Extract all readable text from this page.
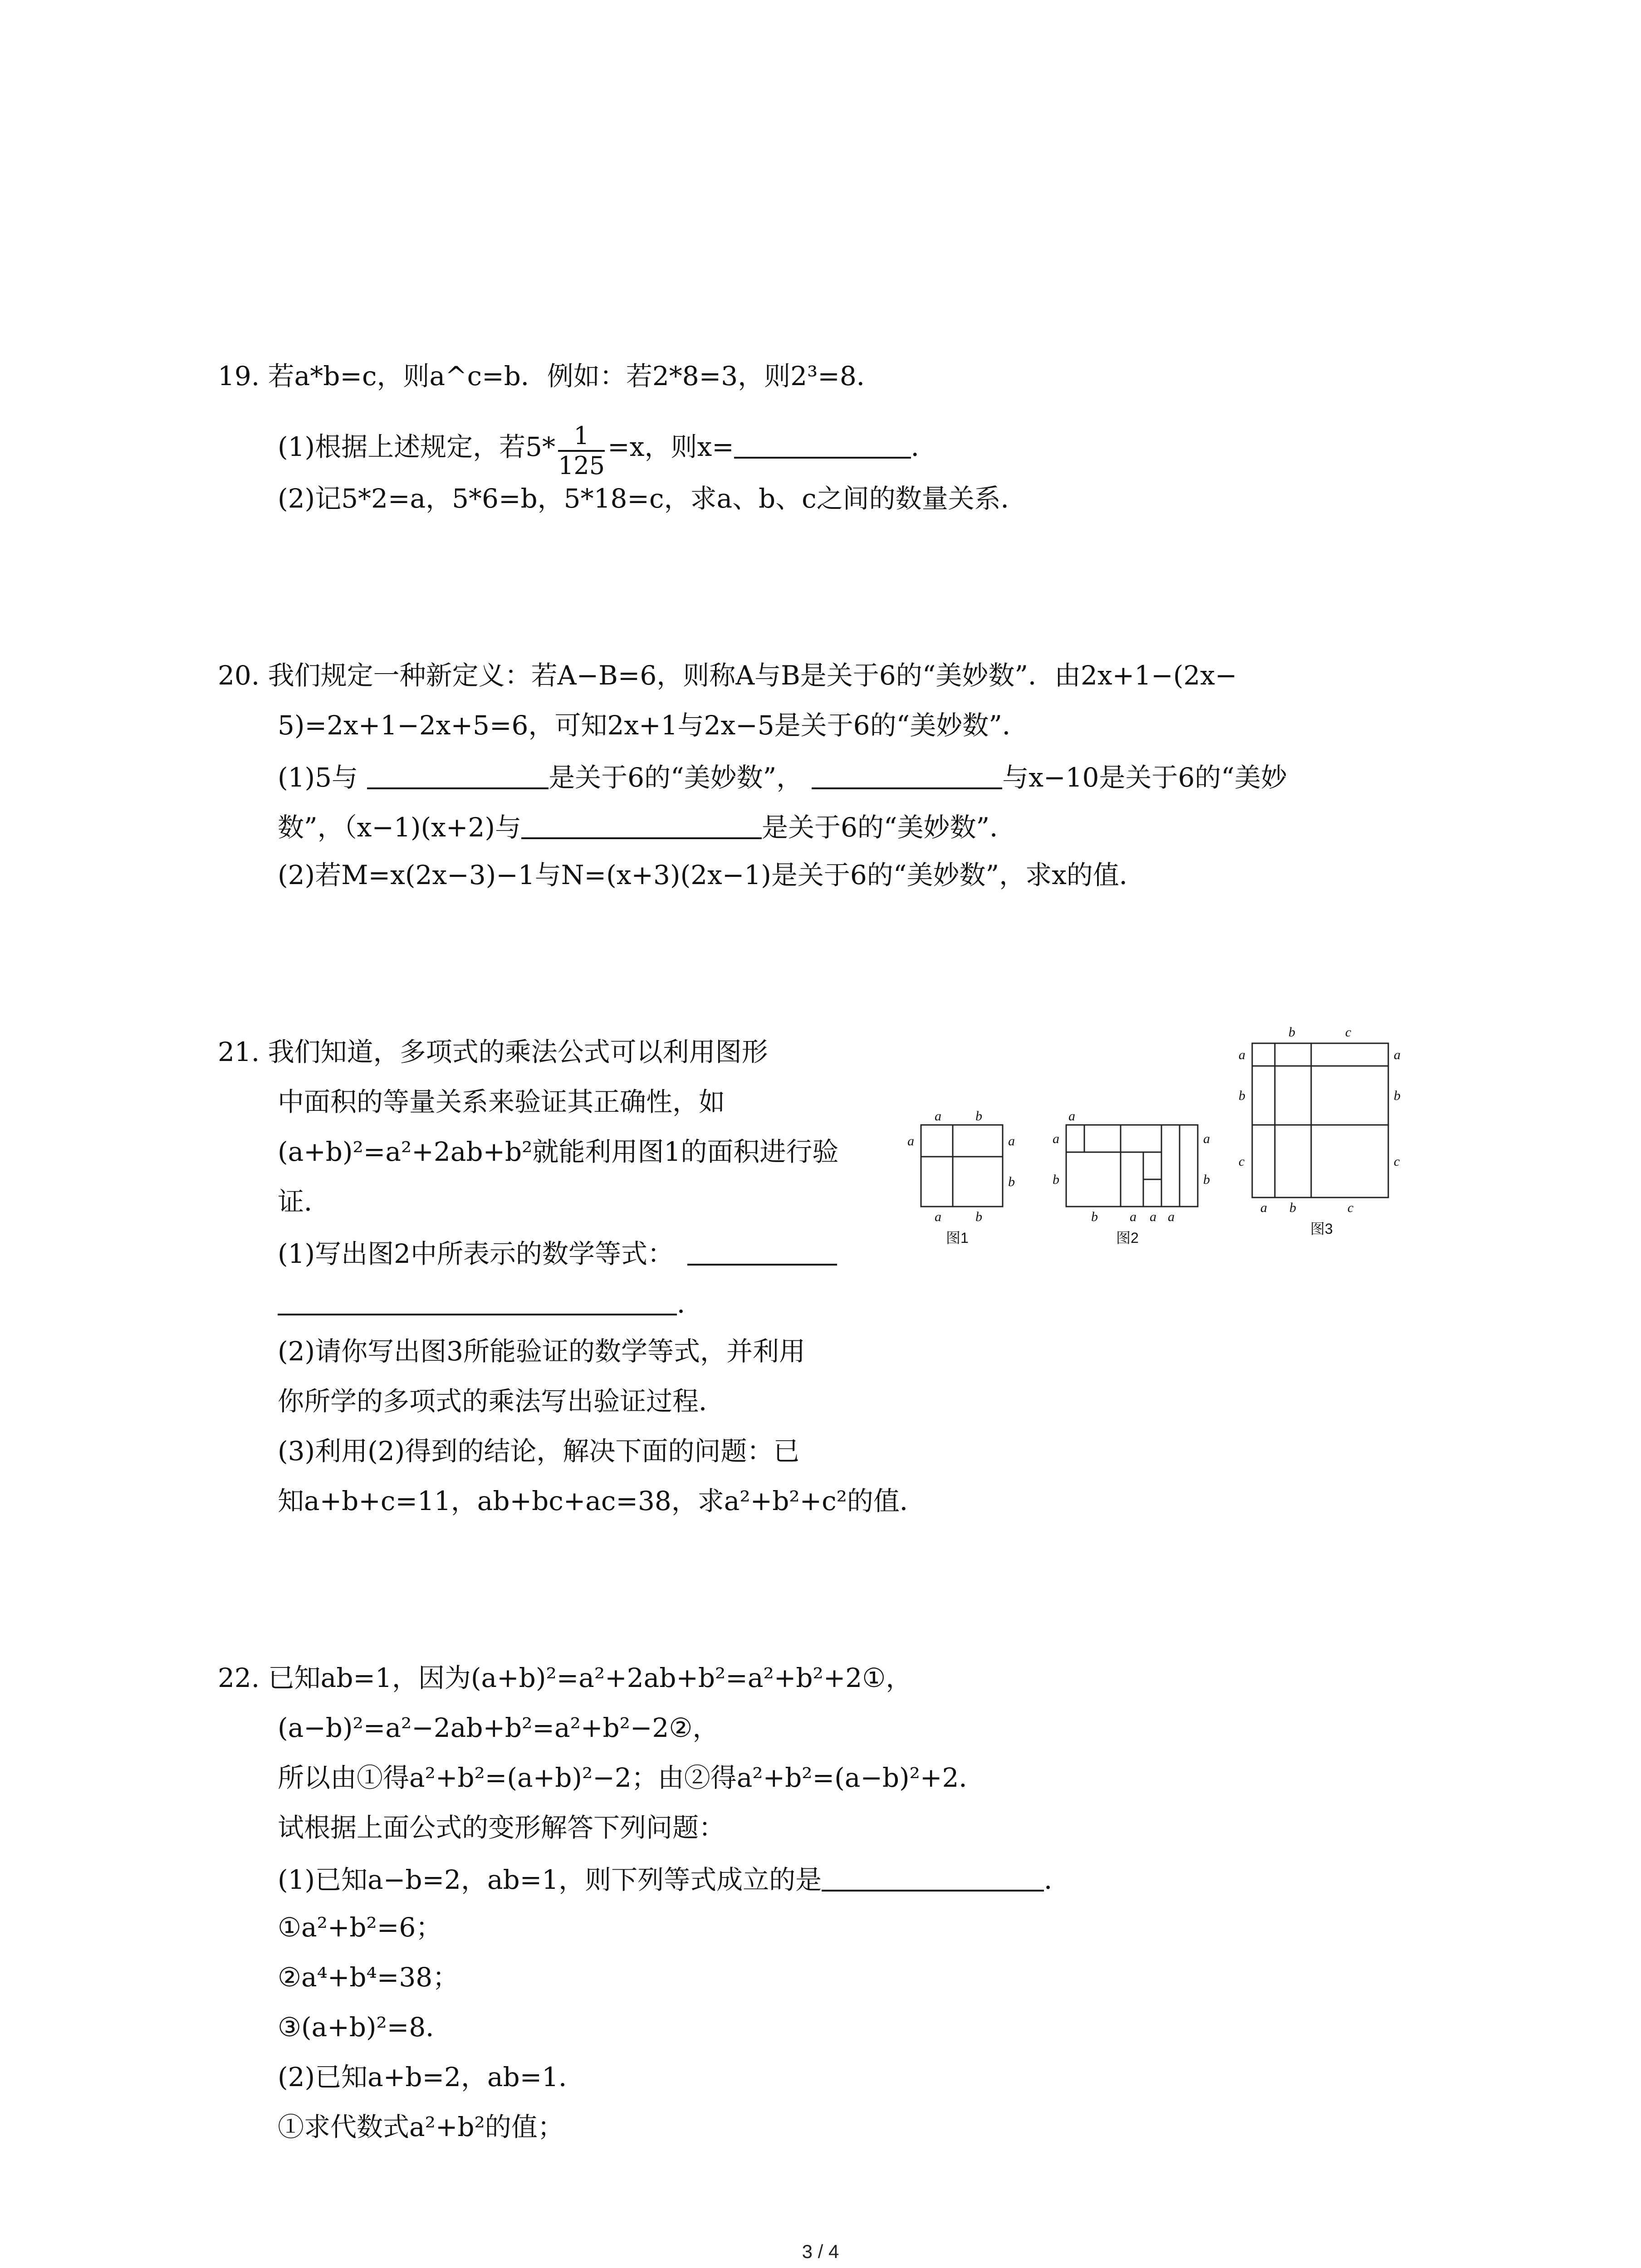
19. 若a*b=c，则a^c=b．例如：若2*8=3，则2³=8．
(1)根据上述规定，若$5* \frac{1}{125} =x$，则x=	．
(2)记5*2=a，5*6=b，5*18=c，求a、b、c之间的数量关系．
20. 我们规定一种新定义：若A−B=6，则称A与B是关于6的“美妙数”．由2x+1−(2x−
5)=2x+1−2x+5=6，可知2x+1与2x−5是关于6的“美妙数”．
(1)5与	是关于6的“美妙数”，	与x−10是关于6的“美妙
数”，（x−1)(x+2)与	是关于6的“美妙数”．
(2)若M=x(2x−3)−1与N=(x+3)(2x−1)是关于6的“美妙数”，求x的值．
21. 我们知道，多项式的乘法公式可以利用图形
中面积的等量关系来验证其正确性，如
(a+b)²=a²+2ab+b²就能利用图1的面积进行验
证．
(1)写出图2中所表示的数学等式：
．
(2)请你写出图3所能验证的数学等式，并利用
你所学的多项式的乘法写出验证过程．
(3)利用(2)得到的结论，解决下面的问题：已
知a+b+c=11，ab+bc+ac=38，求a²+b²+c²的值．
a	b
a	a
b
a	b
图1
a
a
b
a
b
b a a a
图2
b	c
a
b
c
a
b
c
a b	c
图3
22. 已知ab=1，因为(a+b)²=a²+2ab+b²=a²+b²+2①，
(a−b)²=a²−2ab+b²=a²+b²−2②，
所以由①得a²+b²=(a+b)²−2；由②得a²+b²=(a−b)²+2．
试根据上面公式的变形解答下列问题：
(1)已知a−b=2，ab=1，则下列等式成立的是	．
①a²+b²=6；
②a⁴+b⁴=38；
③(a+b)²=8．
(2)已知a+b=2，ab=1．
①求代数式a²+b²的值；
3 / 4
